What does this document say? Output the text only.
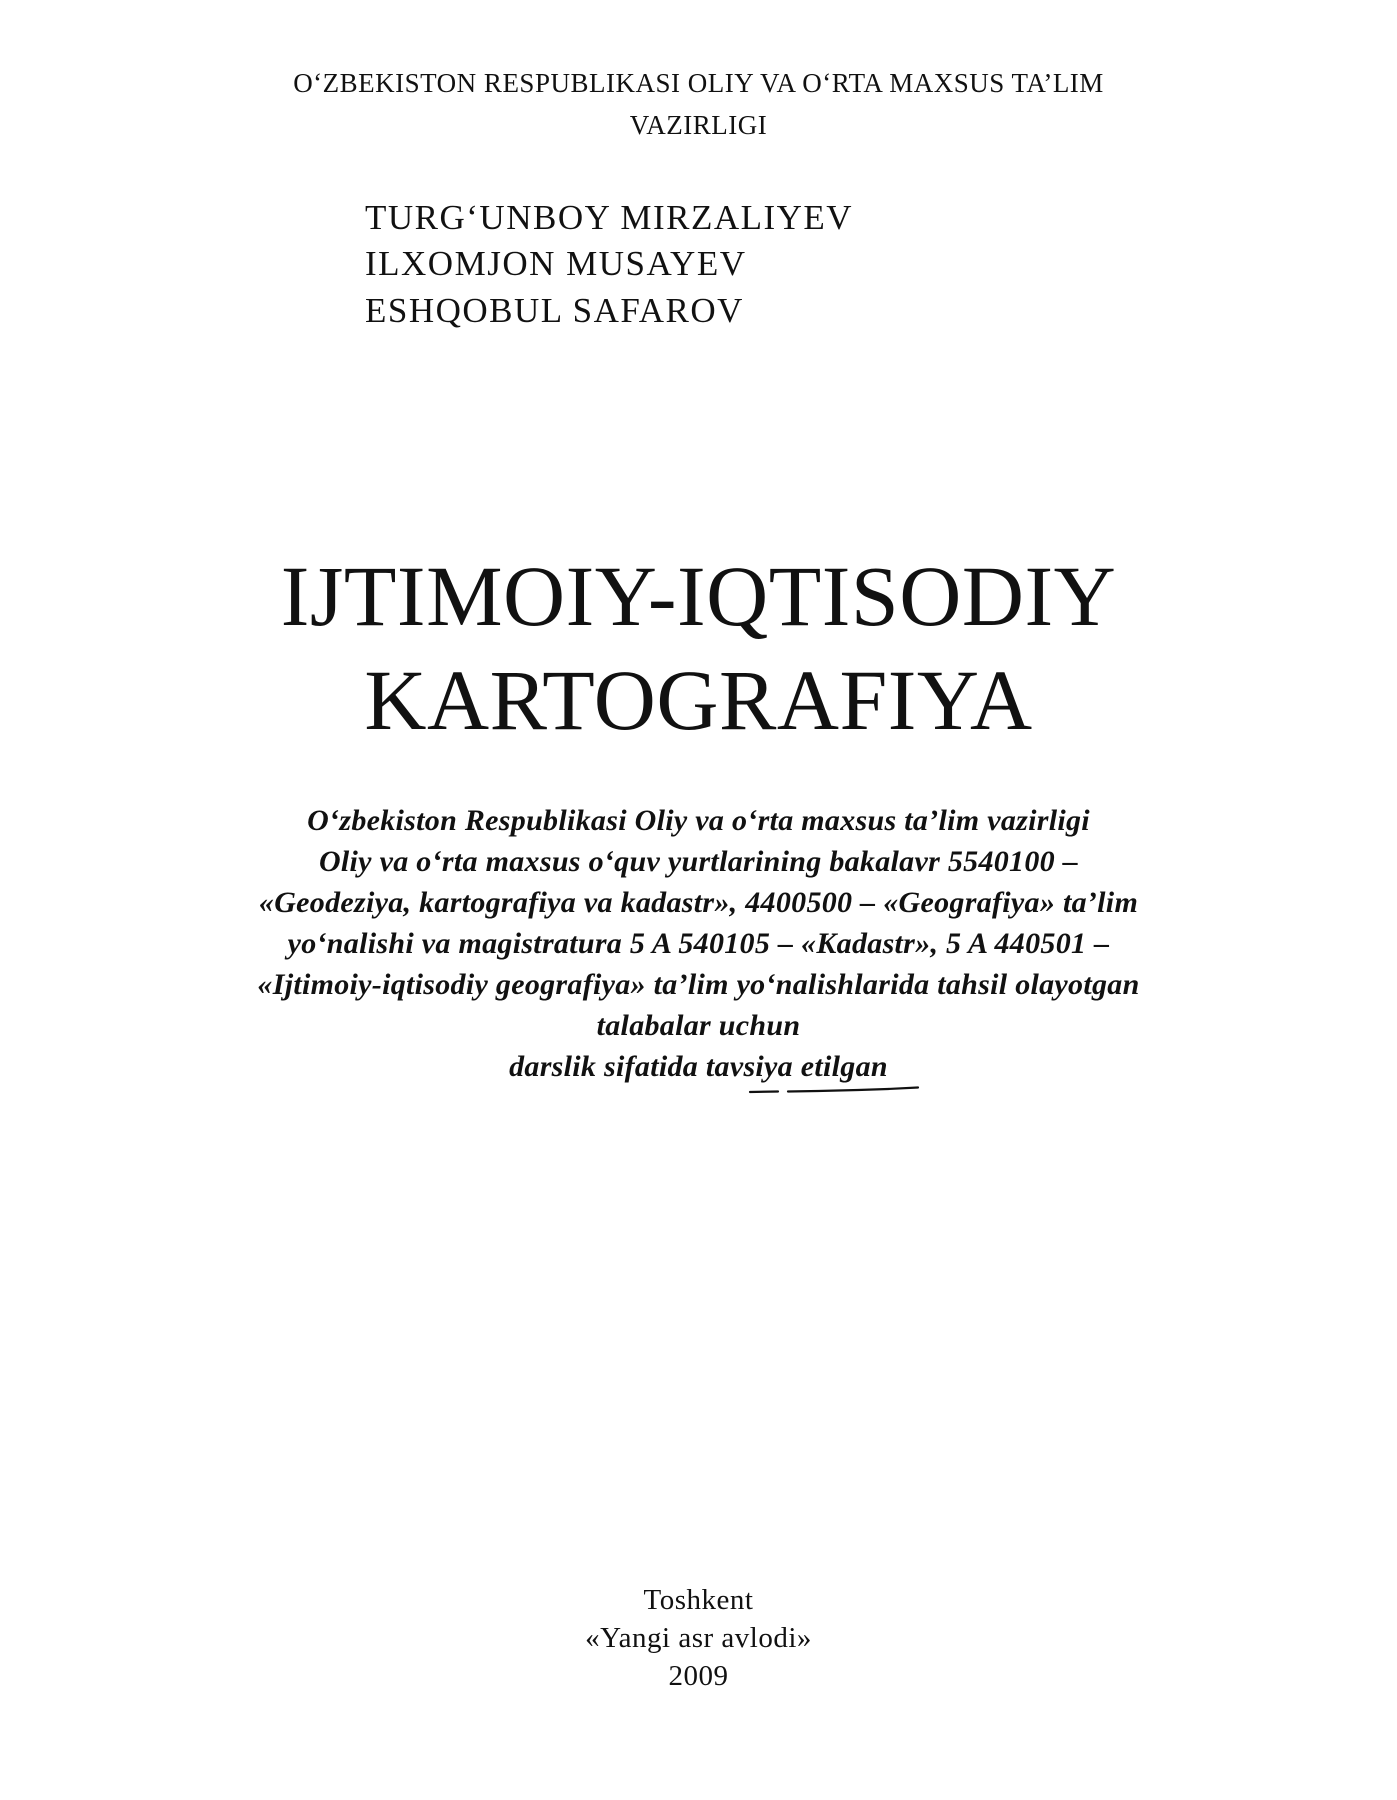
O‘ZBEKISTON RESPUBLIKASI OLIY VA O‘RTA MAXSUS TA’LIM
VAZIRLIGI
TURG‘UNBOY MIRZALIYEV
ILXOMJON MUSAYEV
ESHQOBUL SAFAROV
IJTIMOIY-IQTISODIY
KARTOGRAFIYA
O‘zbekiston Respublikasi Oliy va o‘rta maxsus ta’lim vazirligi
Oliy va o‘rta maxsus o‘quv yurtlarining bakalavr 5540100 –
«Geodeziya, kartografiya va kadastr», 4400500 – «Geografiya» ta’lim
yo‘nalishi va magistratura 5 A 540105 – «Kadastr», 5 A 440501 –
«Ijtimoiy-iqtisodiy geografiya» ta’lim yo‘nalishlarida tahsil olayotgan
talabalar uchun
darslik sifatida tavsiya etilgan
Toshkent
«Yangi asr avlodi»
2009
